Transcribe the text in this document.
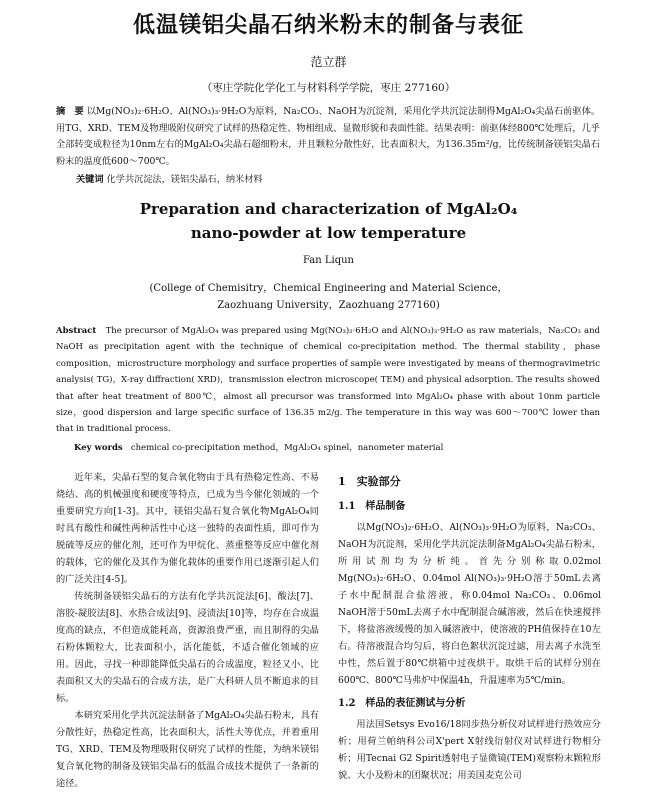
低温镁铝尖晶石纳米粉末的制备与表征
范立群
（枣庄学院化学化工与材料科学学院，枣庄 277160）
摘　要 以Mg(NO₃)₂·6H₂O、Al(NO₃)₃·9H₂O为原料，Na₂CO₃、NaOH为沉淀剂，采用化学共沉淀法制得MgAl₂O₄尖晶石前驱体。用TG、XRD、TEM及物理吸附仪研究了试样的热稳定性、物相组成、显微形貌和表面性能。结果表明：前驱体经800℃处理后，几乎全部转变成粒径为10nm左右的MgAl₂O₄尖晶石超细粉末，并且颗粒分散性好，比表面积大，为136.35m²/g，比传统制备镁铝尖晶石粉末的温度低600～700℃。
关键词 化学共沉淀法，镁铝尖晶石，纳米材料
Preparation and characterization of MgAl₂O₄
nano-powder at low temperature
Fan Liqun
(College of Chemisitry，Chemical Engineering and Material Science，
Zaozhuang University，Zaozhuang 277160)
Abstract The precursor of MgAl₂O₄ was prepared using Mg(NO₃)₂·6H₂O and Al(NO₃)₃·9H₂O as raw materials，Na₂CO₃ and NaOH as precipitation agent with the technique of chemical co-precipitation method. The thermal stability，phase composition，microstructure morphology and surface properties of sample were investigated by means of thermogravimetric analysis( TG)，X-ray diffraction( XRD)，transmission electron microscope( TEM) and physical adsorption. The results showed that after heat treatment of 800℃，almost all precursor was transformed into MgAl₂O₄ phase with about 10nm particle size，good dispersion and large specific surface of 136.35 m2/g. The temperature in this way was 600～700℃ lower than that in traditional process.
Key words chemical co-precipitation method，MgAl₂O₄ spinel，nanometer material

近年来，尖晶石型的复合氧化物由于具有热稳定性高、不易烧结、高的机械强度和硬度等特点，已成为当今催化领域的一个重要研究方向[1-3]。其中，镁铝尖晶石复合氧化物MgAl₂O₄同时具有酸性和碱性两种活性中心这一独特的表面性质，即可作为脱硫等反应的催化剂，还可作为甲烷化、蒸重整等反应中催化剂的载体，它的催化及其作为催化载体的重要作用已逐渐引起人们的广泛关注[4-5]。

传统制备镁铝尖晶石的方法有化学共沉淀法[6]、酸法[7]、溶胶-凝胶法[8]、水热合成法[9]、浸渍法[10]等，均存在合成温度高的缺点，不但造成能耗高，资源浪费严重，而且制得的尖晶石粉体颗粒大，比表面积小，活化能低，不适合催化领域的应用。因此，寻找一种即能降低尖晶石的合成温度，粒径又小、比表面积又大的尖晶石的合成方法，是广大科研人员不断追求的目标。

本研究采用化学共沉淀法制备了MgAl₂O₄尖晶石粉末，具有分散性好，热稳定性高，比表面积大，活性大等优点，并着重用TG、XRD、TEM及物理吸附仪研究了试样的性能，为纳米镁铝复合氧化物的制备及镁铝尖晶石的低温合成技术提供了一条新的途径。

1　实验部分
1.1　样品制备

以Mg(NO₃)₂·6H₂O、Al(NO₃)₃·9H₂O为原料，Na₂CO₃、NaOH为沉淀剂，采用化学共沉淀法制备MgAl₂O₄尖晶石粉末，所用试剂均为分析纯。首先分别称取0.02mol Mg(NO₃)₂·6H₂O、0.04mol Al(NO₃)₃·9H₂O溶于50mL去离子水中配制混合盐溶液，称0.04mol Na₂CO₃、0.06mol NaOH溶于50mL去离子水中配制混合碱溶液，然后在快速搅拌下，将盐溶液缓慢的加入碱溶液中，使溶液的PH值保持在10左右。待溶液混合均匀后，将白色絮状沉淀过滤，用去离子水洗至中性，然后置于80℃烘箱中过夜烘干。取烘干后的试样分别在600℃、800℃马弗炉中保温4h，升温速率为5℃/min。

1.2　样品的表征测试与分析

用法国Setsys Evo16/18同步热分析仪对试样进行热效应分析；用荷兰帕纳科公司X'pert X射线衍射仪对试样进行物相分析；用Tecnai G2 Spirit透射电子显微镜(TEM)观察粉末颗粒形貌、大小及粉末的团聚状况；用美国麦克公司
